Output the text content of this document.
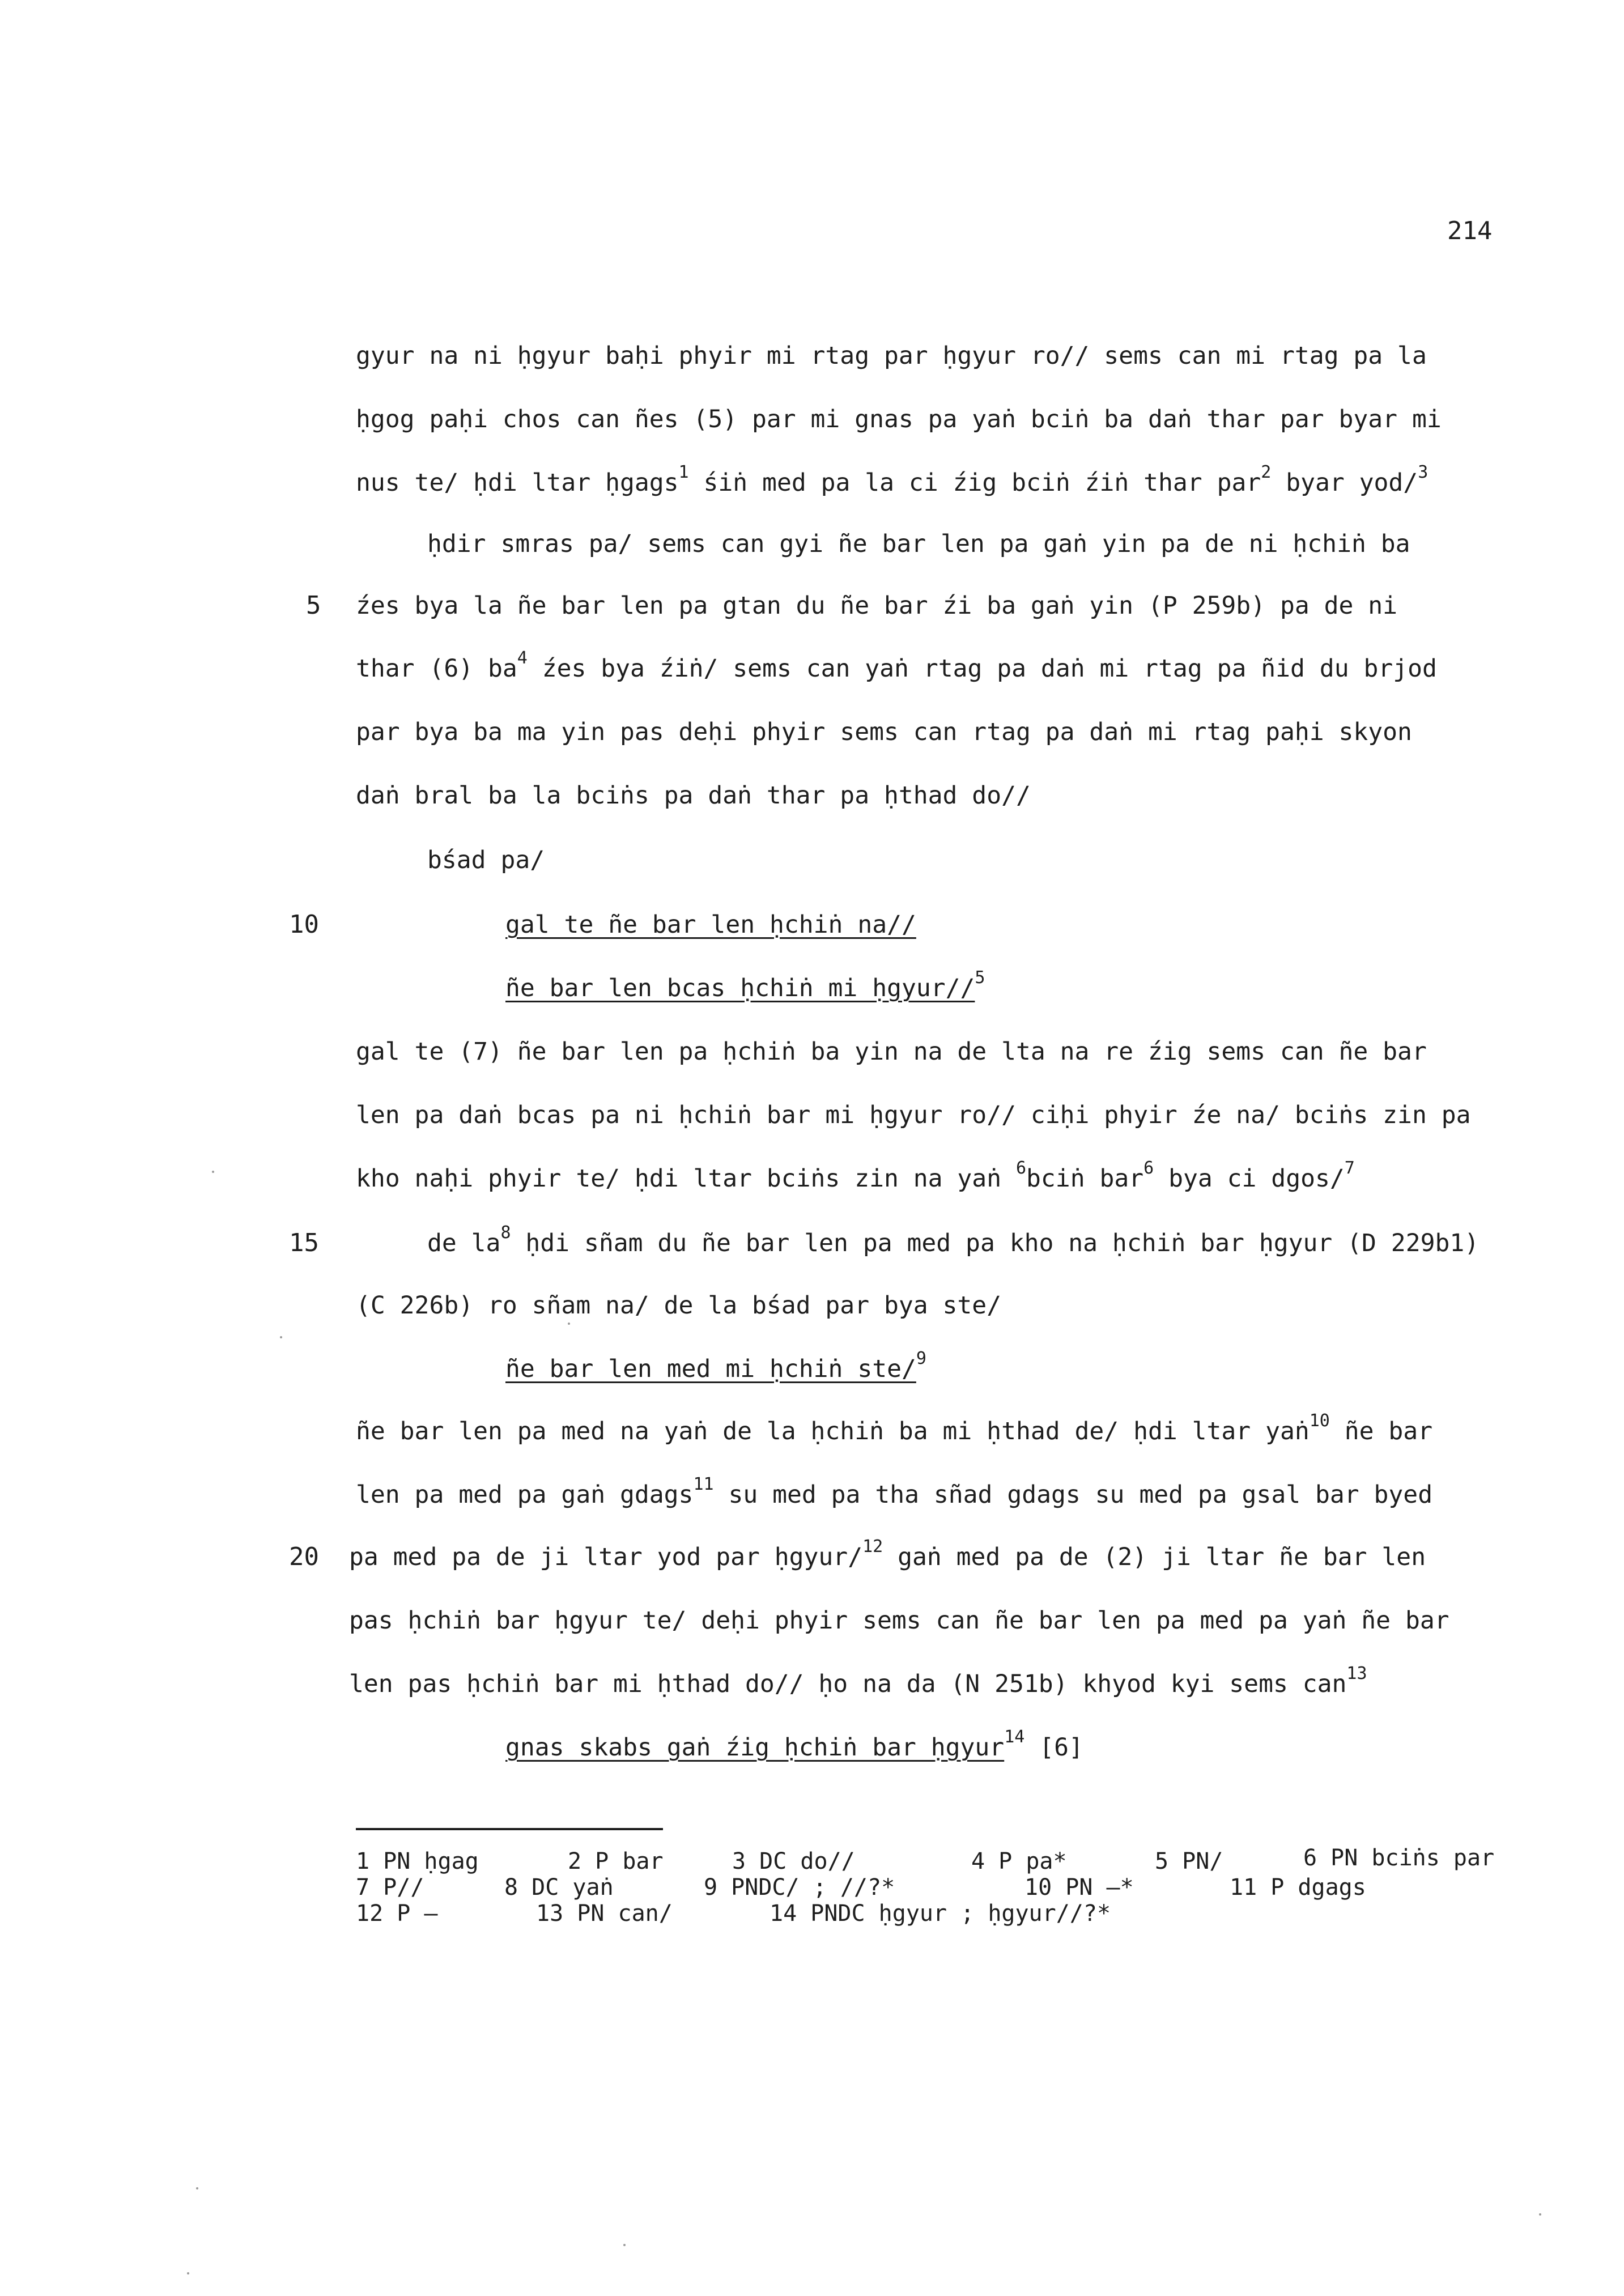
214
5
10
15
20
gyur na ni ḥgyur baḥi phyir mi rtag par ḥgyur ro// sems can mi rtag pa la
ḥgog paḥi chos can ñes (5) par mi gnas pa yaṅ bciṅ ba daṅ thar par byar mi
nus te/ ḥdi ltar ḥgags$^1$ śiṅ med pa la ci źig bciṅ źiṅ thar par$^2$ byar yod/$^3$
ḥdir smras pa/ sems can gyi ñe bar len pa gaṅ yin pa de ni ḥchiṅ ba
źes bya la ñe bar len pa gtan du ñe bar źi ba gaṅ yin (P 259b) pa de ni
thar (6) $ba^4$ źes bya źiṅ/ sems can yaṅ rtag pa daṅ mi rtag pa ñid du brjod
par bya ba ma yin pas deḥi phyir sems can rtag pa daṅ mi rtag paḥi skyon
daṅ bral ba la bciṅs pa daṅ thar pa ḥthad do//
bśad pa/
gal te ñe bar len ḥchiṅ na//
ñe bar len bcas ḥchiṅ mi ḥgyur//$^5$
gal te (7) ñe bar len pa ḥchiṅ ba yin na de lta na re źig sems can ñe bar
len pa daṅ bcas pa ni ḥchiṅ bar mi ḥgyur ro// ciḥi phyir źe na/ bciṅs zin pa
kho naḥi phyir te/ ḥdi ltar bciṅs zin na yaṅ $^6$bciṅ bar$^6$ bya ci dgos/$^7$
de $la^8$ ḥdi sñam du ñe bar len pa med pa kho na ḥchiṅ bar ḥgyur (D 229b1)
(C 226b) ro sñam na/ de la bśad par bya ste/
ñe bar len med mi ḥchiṅ ste/$^9$
ñe bar len pa med na yaṅ de la ḥchiṅ ba mi ḥthad de/ ḥdi ltar yaṅ$^{10}$ ñe bar
len pa med pa gaṅ gdags$^{11}$ su med pa tha sñad gdags su med pa gsal bar byed
pa med pa de ji ltar yod par ḥgyur/$^{12}$ gaṅ med pa de (2) ji ltar ñe bar len
pas ḥchiṅ bar ḥgyur te/ deḥi phyir sems can ñe bar len pa med pa yaṅ ñe bar
len pas ḥchiṅ bar mi ḥthad do// ḥo na da (N 251b) khyod kyi sems can$^{13}$
gnas skabs gaṅ źig ḥchiṅ bar ḥgyur$^{14}$ [6]
1 PN ḥgag	2 P bar	3 DC do//	4 P pa*	5 PN/	6 PN bciṅs par
7 P//	8 DC yaṅ	9 PNDC/ ; //?*	10 PN —*	11 P dgags
12 P —	13 PN can/	14 PNDC ḥgyur ; ḥgyur//?*
